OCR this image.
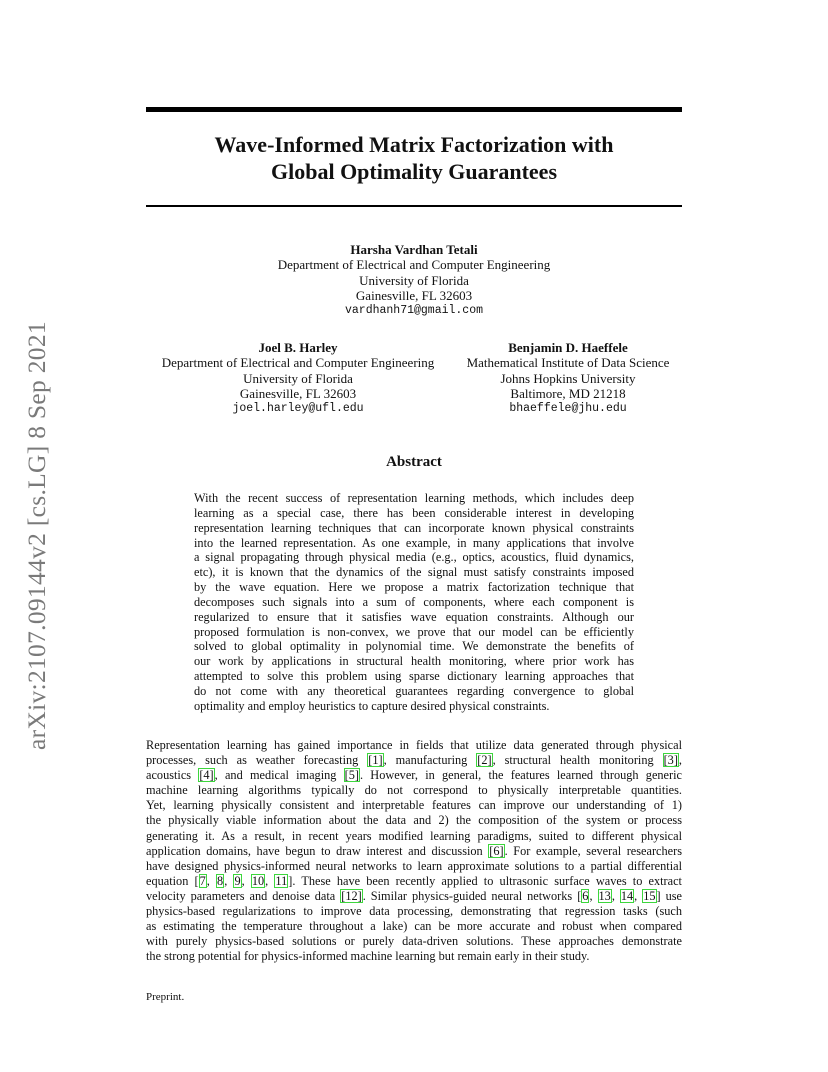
arXiv:2107.09144v2 [cs.LG] 8 Sep 2021
Wave-Informed Matrix Factorization with
Global Optimality Guarantees
Harsha Vardhan Tetali
Department of Electrical and Computer Engineering
University of Florida
Gainesville, FL 32603
vardhanh71@gmail.com
Joel B. Harley
Department of Electrical and Computer Engineering
University of Florida
Gainesville, FL 32603
joel.harley@ufl.edu
Benjamin D. Haeffele
Mathematical Institute of Data Science
Johns Hopkins University
Baltimore, MD 21218
bhaeffele@jhu.edu
Abstract
With the recent success of representation learning methods, which includes deep
learning as a special case, there has been considerable interest in developing
representation learning techniques that can incorporate known physical constraints
into the learned representation. As one example, in many applications that involve
a signal propagating through physical media (e.g., optics, acoustics, fluid dynamics,
etc), it is known that the dynamics of the signal must satisfy constraints imposed
by the wave equation. Here we propose a matrix factorization technique that
decomposes such signals into a sum of components, where each component is
regularized to ensure that it satisfies wave equation constraints. Although our
proposed formulation is non-convex, we prove that our model can be efficiently
solved to global optimality in polynomial time. We demonstrate the benefits of
our work by applications in structural health monitoring, where prior work has
attempted to solve this problem using sparse dictionary learning approaches that
do not come with any theoretical guarantees regarding convergence to global
optimality and employ heuristics to capture desired physical constraints.
Representation learning has gained importance in fields that utilize data generated through physical
processes, such as weather forecasting [1], manufacturing [2], structural health monitoring [3],
acoustics [4], and medical imaging [5]. However, in general, the features learned through generic
machine learning algorithms typically do not correspond to physically interpretable quantities.
Yet, learning physically consistent and interpretable features can improve our understanding of 1)
the physically viable information about the data and 2) the composition of the system or process
generating it. As a result, in recent years modified learning paradigms, suited to different physical
application domains, have begun to draw interest and discussion [6]. For example, several researchers
have designed physics-informed neural networks to learn approximate solutions to a partial differential
equation [7, 8, 9, 10, 11]. These have been recently applied to ultrasonic surface waves to extract
velocity parameters and denoise data [12]. Similar physics-guided neural networks [6, 13, 14, 15] use
physics-based regularizations to improve data processing, demonstrating that regression tasks (such
as estimating the temperature throughout a lake) can be more accurate and robust when compared
with purely physics-based solutions or purely data-driven solutions. These approaches demonstrate
the strong potential for physics-informed machine learning but remain early in their study.
Preprint.
